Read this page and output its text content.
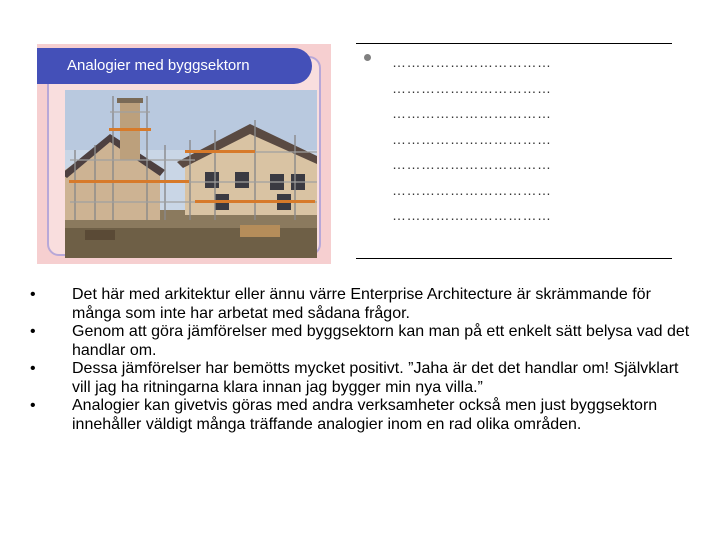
Analogier med byggsektorn	……………………………
……………………………
……………………………
……………………………
……………………………
……………………………
……………………………
•	Det här med arkitektur eller ännu värre Enterprise Architecture är skrämmande för många som inte har arbetat med sådana frågor.
•	Genom att göra jämförelser med byggsektorn kan man på ett enkelt sätt belysa vad det handlar om.
•	Dessa jämförelser har bemötts mycket positivt. ”Jaha är det det handlar om! Självklart vill jag ha ritningarna klara innan jag bygger min nya villa.”
•	Analogier kan givetvis göras med andra verksamheter också men just byggsektorn innehåller väldigt många träffande analogier inom en rad olika områden.
